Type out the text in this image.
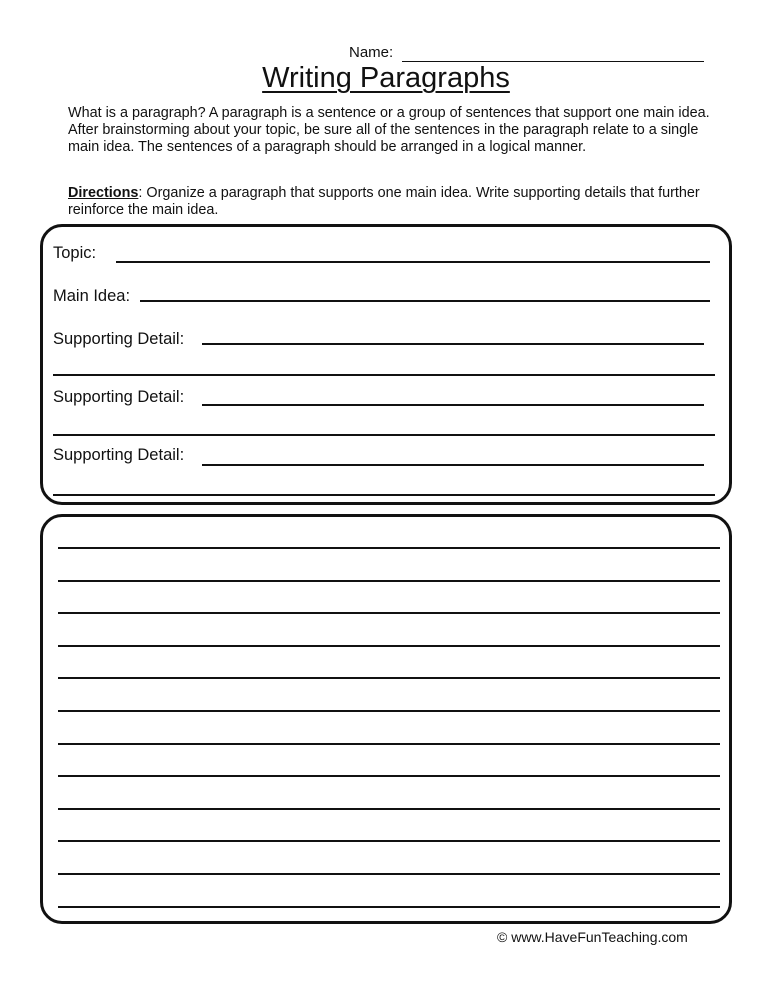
Name:
Writing Paragraphs
What is a paragraph? A paragraph is a sentence or a group of sentences that support one main idea. After brainstorming about your topic, be sure all of the sentences in the paragraph relate to a single main idea. The sentences of a paragraph should be arranged in a logical manner.
Directions: Organize a paragraph that supports one main idea. Write supporting details that further reinforce the main idea.
Topic:
Main Idea:
Supporting Detail:
Supporting Detail:
Supporting Detail:
© www.HaveFunTeaching.com
